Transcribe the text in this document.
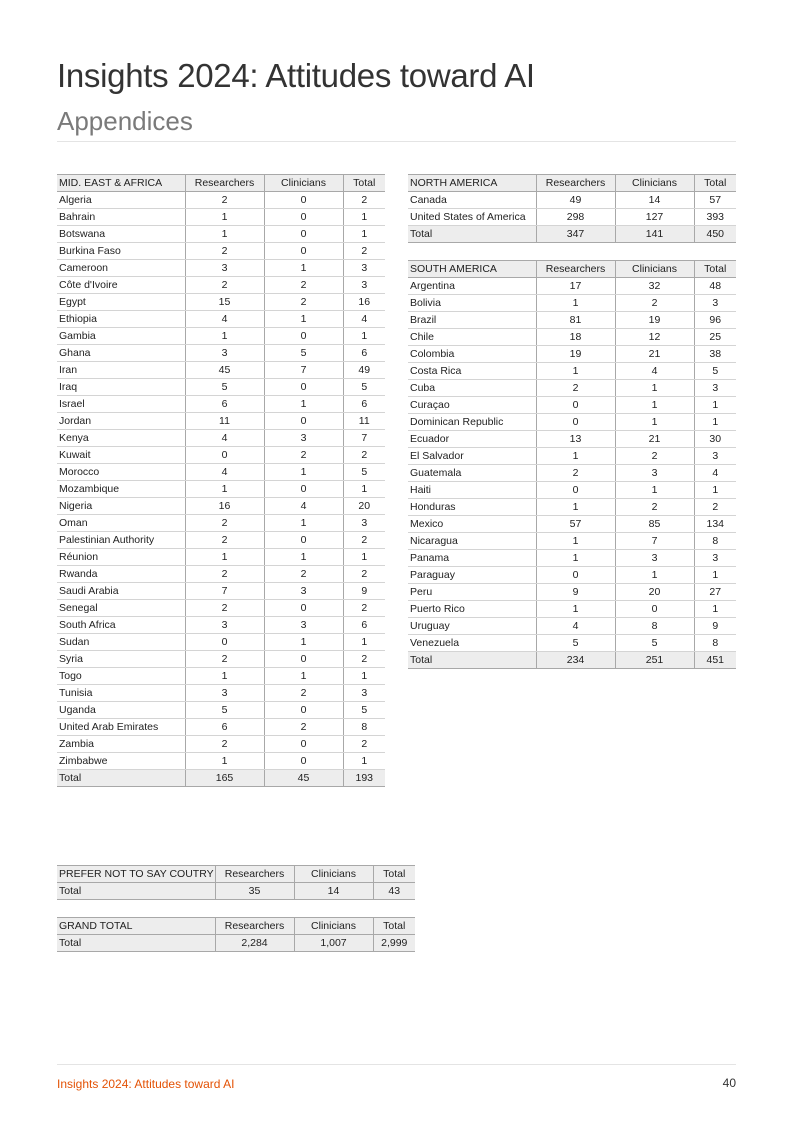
Insights 2024: Attitudes toward AI
Appendices
MID. EAST & AFRICA	Researchers	Clinicians	Total
Algeria	2	0	2
Bahrain	1	0	1
Botswana	1	0	1
Burkina Faso	2	0	2
Cameroon	3	1	3
Côte d'Ivoire	2	2	3
Egypt	15	2	16
Ethiopia	4	1	4
Gambia	1	0	1
Ghana	3	5	6
Iran	45	7	49
Iraq	5	0	5
Israel	6	1	6
Jordan	11	0	11
Kenya	4	3	7
Kuwait	0	2	2
Morocco	4	1	5
Mozambique	1	0	1
Nigeria	16	4	20
Oman	2	1	3
Palestinian Authority	2	0	2
Réunion	1	1	1
Rwanda	2	2	2
Saudi Arabia	7	3	9
Senegal	2	0	2
South Africa	3	3	6
Sudan	0	1	1
Syria	2	0	2
Togo	1	1	1
Tunisia	3	2	3
Uganda	5	0	5
United Arab Emirates	6	2	8
Zambia	2	0	2
Zimbabwe	1	0	1
Total	165	45	193
NORTH AMERICA	Researchers	Clinicians	Total
Canada	49	14	57
United States of America	298	127	393
Total	347	141	450
SOUTH AMERICA	Researchers	Clinicians	Total
Argentina	17	32	48
Bolivia	1	2	3
Brazil	81	19	96
Chile	18	12	25
Colombia	19	21	38
Costa Rica	1	4	5
Cuba	2	1	3
Curaçao	0	1	1
Dominican Republic	0	1	1
Ecuador	13	21	30
El Salvador	1	2	3
Guatemala	2	3	4
Haiti	0	1	1
Honduras	1	2	2
Mexico	57	85	134
Nicaragua	1	7	8
Panama	1	3	3
Paraguay	0	1	1
Peru	9	20	27
Puerto Rico	1	0	1
Uruguay	4	8	9
Venezuela	5	5	8
Total	234	251	451
PREFER NOT TO SAY COUTRY	Researchers	Clinicians	Total
Total	35	14	43
GRAND TOTAL	Researchers	Clinicians	Total
Total	2,284	1,007	2,999
Insights 2024: Attitudes toward AI	40
